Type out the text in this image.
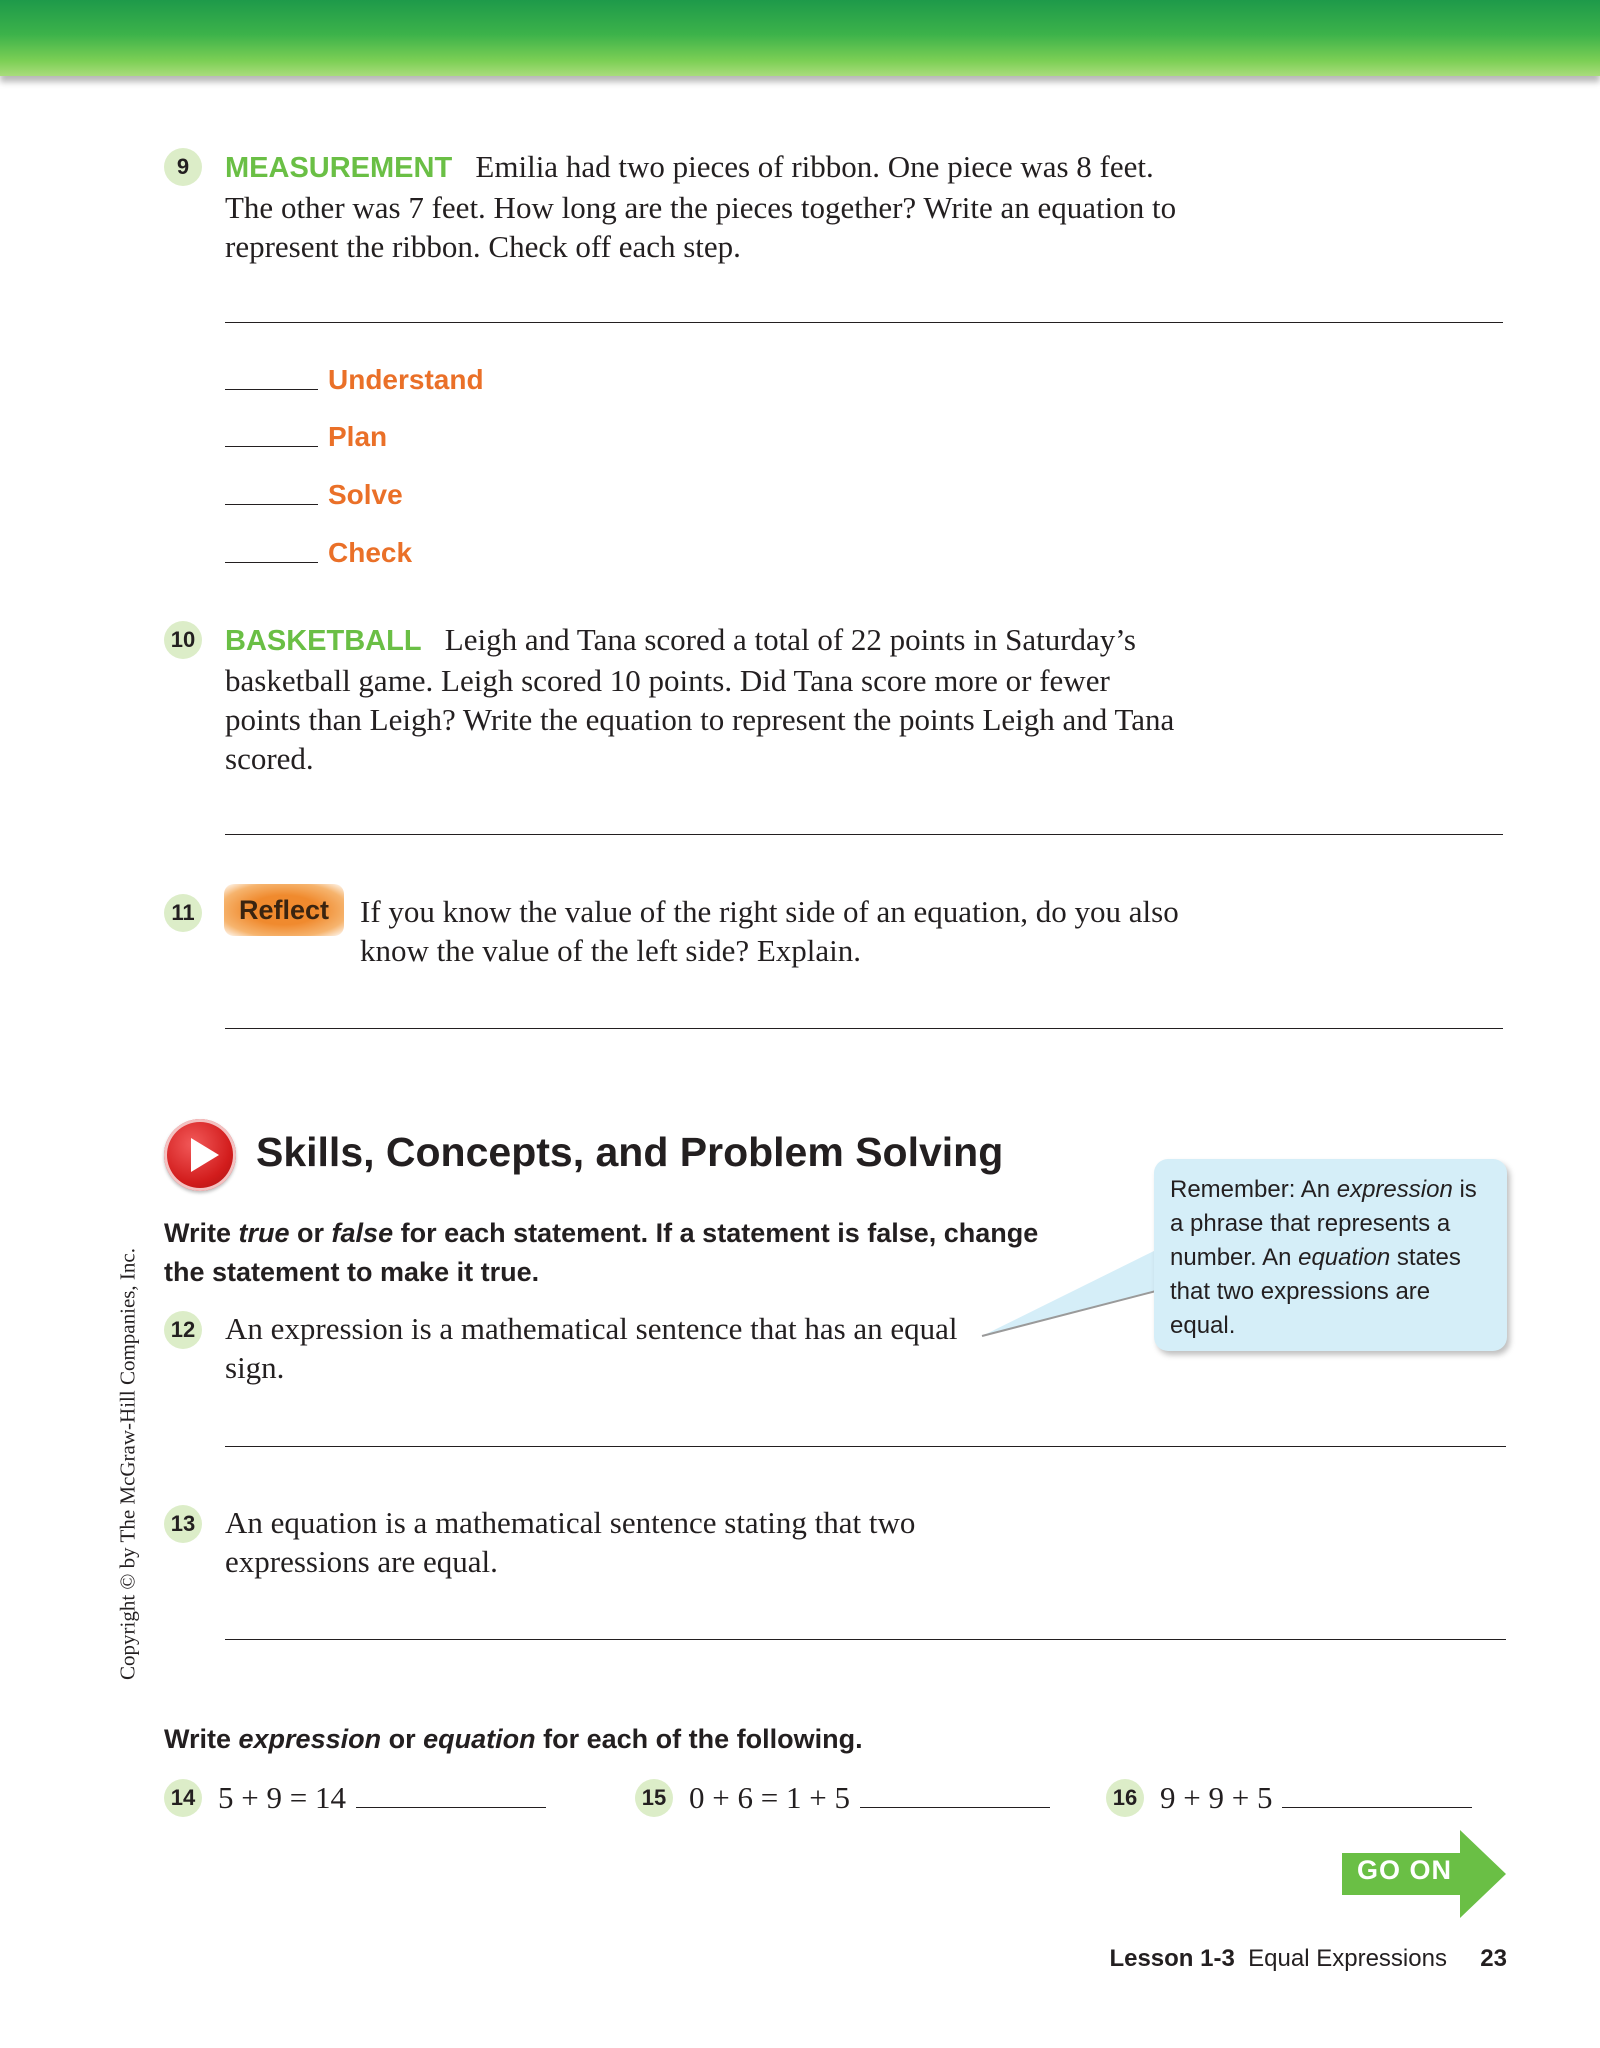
9	MEASUREMENT Emilia had two pieces of ribbon. One piece was 8 feet. The other was 7 feet. How long are the pieces together? Write an equation to represent the ribbon. Check off each step.
Understand
Plan
Solve
Check
10 BASKETBALL Leigh and Tana scored a total of 22 points in Saturday’s basketball game. Leigh scored 10 points. Did Tana score more or fewer points than Leigh? Write the equation to represent the points Leigh and Tana scored.
11	Reflect If you know the value of the right side of an equation, do you also know the value of the left side? Explain.
Skills, Concepts, and Problem Solving
Write true or false for each statement. If a statement is false, change the statement to make it true.
Remember: An expression is a phrase that represents a number. An equation states that two expressions are equal.
12 An expression is a mathematical sentence that has an equal sign.
13 An equation is a mathematical sentence stating that two expressions are equal.
Copyright © by The McGraw-Hill Companies, Inc.
Write expression or equation for each of the following.
14 5 + 9 = 14	15 0 + 6 = 1 + 5	16 9 + 9 + 5
GO ON
Lesson 1-3 Equal Expressions 23
